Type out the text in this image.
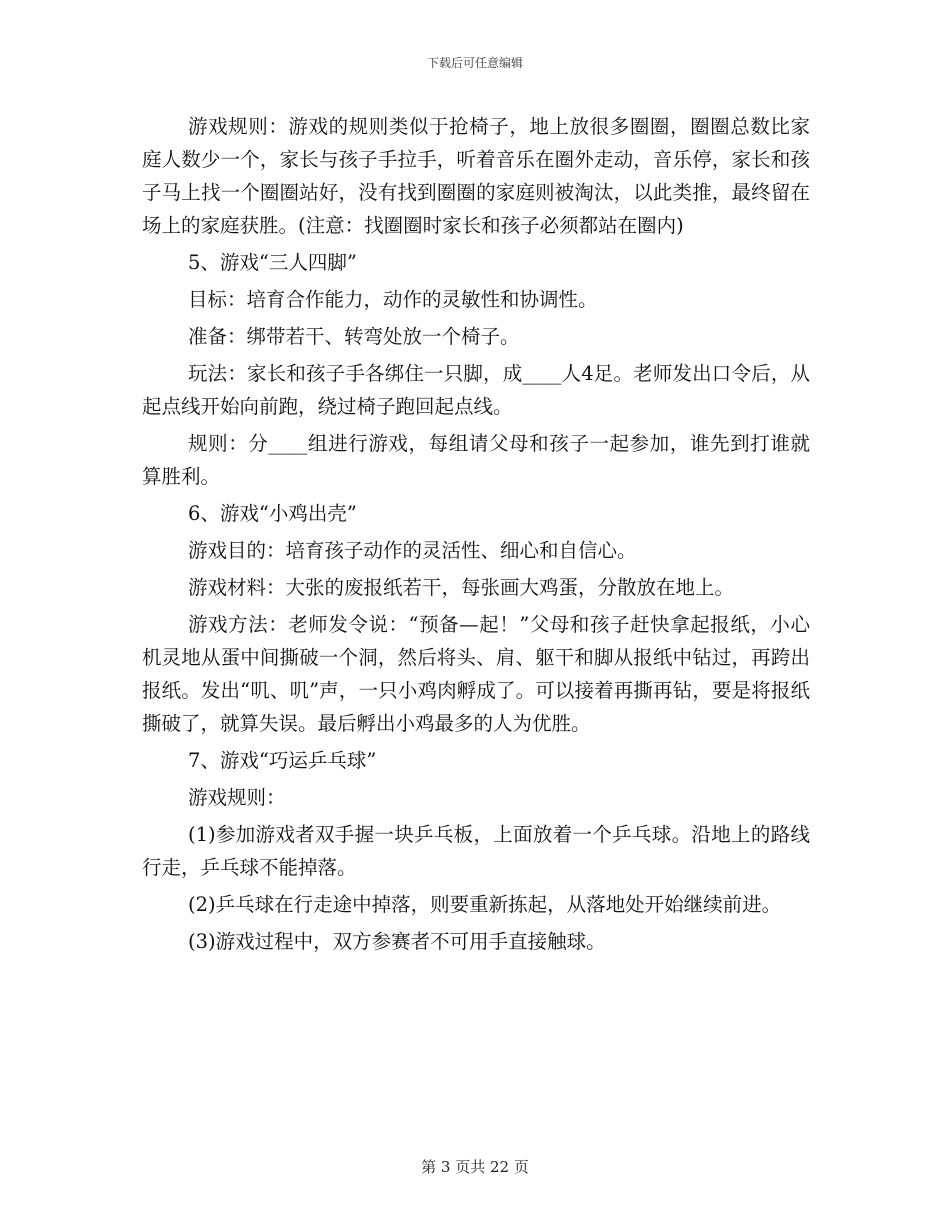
下载后可任意编辑

游戏规则：游戏的规则类似于抢椅子，地上放很多圈圈，圈圈总数比家庭人数少一个，家长与孩子手拉手，听着音乐在圈外走动，音乐停，家长和孩子马上找一个圈圈站好，没有找到圈圈的家庭则被淘汰，以此类推，最终留在场上的家庭获胜。(注意：找圈圈时家长和孩子必须都站在圈内)

5、游戏“三人四脚”

目标：培育合作能力，动作的灵敏性和协调性。

准备：绑带若干、转弯处放一个椅子。

玩法：家长和孩子手各绑住一只脚，成____人4足。老师发出口令后，从起点线开始向前跑，绕过椅子跑回起点线。

规则：分____组进行游戏，每组请父母和孩子一起参加，谁先到打谁就算胜利。

6、游戏“小鸡出壳”

游戏目的：培育孩子动作的灵活性、细心和自信心。

游戏材料：大张的废报纸若干，每张画大鸡蛋，分散放在地上。

游戏方法：老师发令说：“预备—起！”父母和孩子赶快拿起报纸，小心机灵地从蛋中间撕破一个洞，然后将头、肩、躯干和脚从报纸中钻过，再跨出报纸。发出“叽、叽”声，一只小鸡肉孵成了。可以接着再撕再钻，要是将报纸撕破了，就算失误。最后孵出小鸡最多的人为优胜。

7、游戏“巧运乒乓球”

游戏规则：

(1)参加游戏者双手握一块乒乓板，上面放着一个乒乓球。沿地上的路线行走，乒乓球不能掉落。

(2)乒乓球在行走途中掉落，则要重新拣起，从落地处开始继续前进。

(3)游戏过程中，双方参赛者不可用手直接触球。

第 3 页共 22 页
